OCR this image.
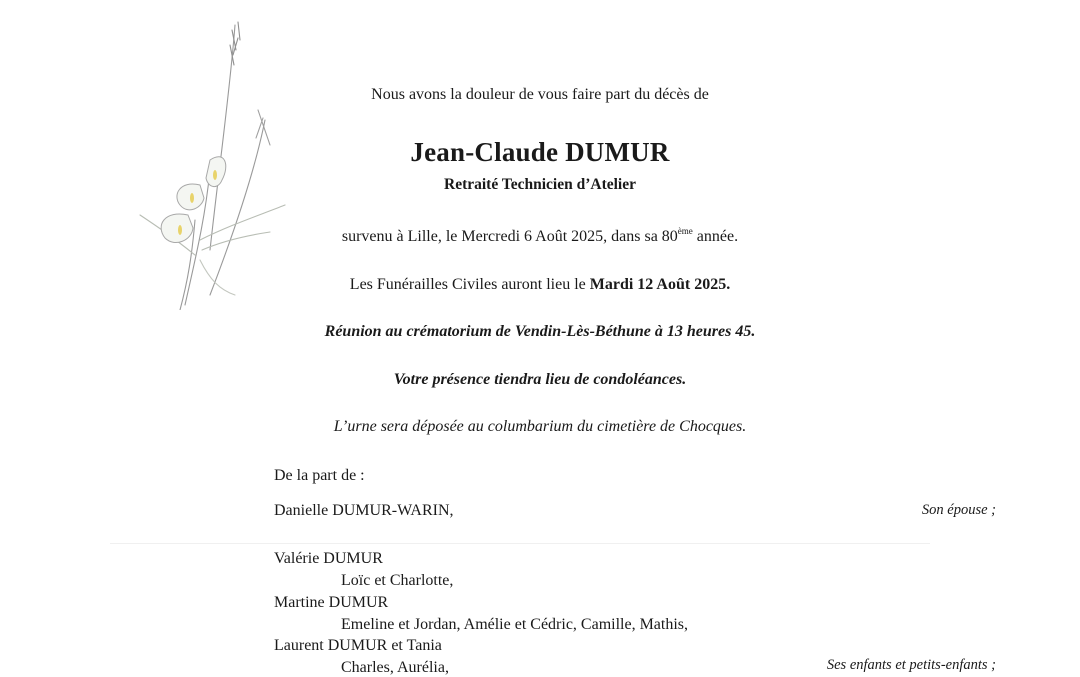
Nous avons la douleur de vous faire part du décès de
Jean-Claude DUMUR
Retraité Technicien d’Atelier
survenu à Lille, le Mercredi 6 Août 2025, dans sa 80ème année.
Les Funérailles Civiles auront lieu le Mardi 12 Août 2025.
Réunion au crématorium de Vendin-Lès-Béthune à 13 heures 45.
Votre présence tiendra lieu de condoléances.
L’urne sera déposée au columbarium du cimetière de Chocques.
De la part de :
Danielle DUMUR-WARIN,	Son épouse ;
Valérie DUMUR
Loïc et Charlotte,
Martine DUMUR
Emeline et Jordan, Amélie et Cédric, Camille, Mathis,
Laurent DUMUR et Tania
Charles, Aurélia,	Ses enfants et petits-enfants ;
